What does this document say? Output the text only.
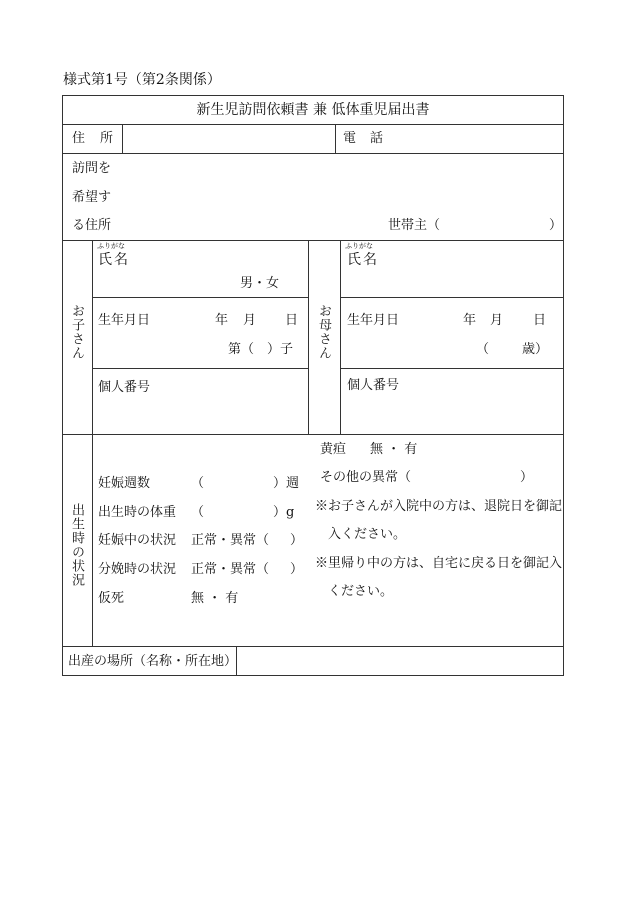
様式第1号（第2条関係）
新生児訪問依頼書 兼 低体重児届出書
住 所	電 話
訪問を
希望す
る住所	世帯主（	）
お子さん
ふりがな
氏名
男・女
生年月日	年 月 日
第（　）子
個人番号
お母さん
ふりがな
氏名
生年月日	年 月 日
（	歳）
個人番号
出生時の状況
妊娠週数	（	）週
出生時の体重 （	）g
妊娠中の状況 正常・異常（ ）
分娩時の状況 正常・異常（ ）
仮死	無 ・ 有
黄疸 無 ・ 有
その他の異常（	）
※お子さんが入院中の方は、退院日を御記
入ください。
※里帰り中の方は、自宅に戻る日を御記入
ください。
出産の場所（名称・所在地）
